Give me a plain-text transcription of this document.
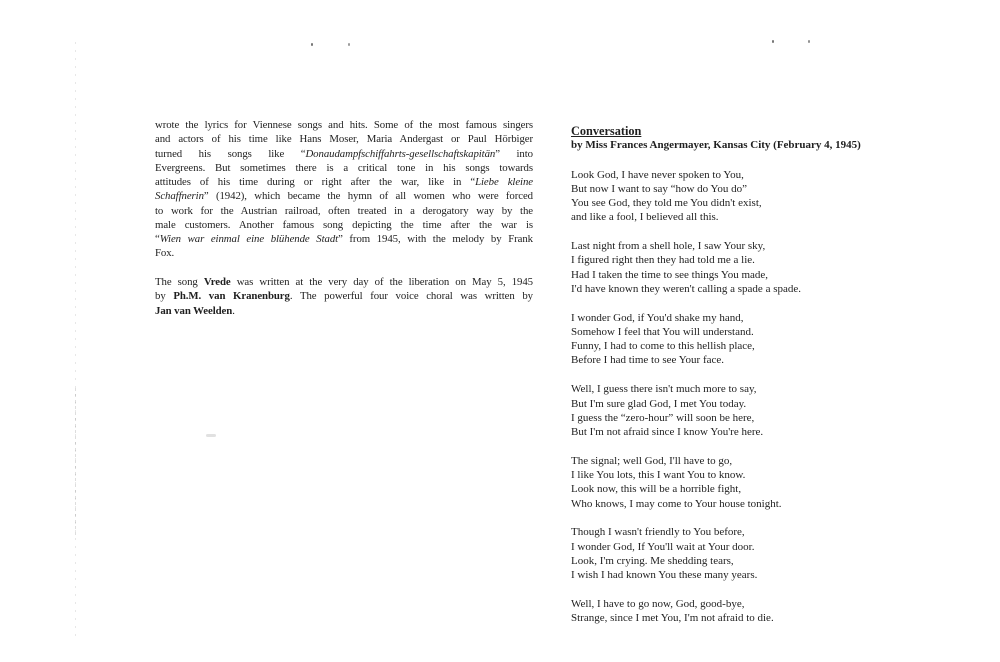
wrote the lyrics for Viennese songs and hits. Some of the most famous singers
and actors of his time like Hans Moser, Maria Andergast or Paul Hörbiger
turned his songs like “Donaudampfschiffahrts-gesellschaftskapitän” into
Evergreens. But sometimes there is a critical tone in his songs towards
attitudes of his time during or right after the war, like in “Liebe kleine
Schaffnerin” (1942), which became the hymn of all women who were forced
to work for the Austrian railroad, often treated in a derogatory way by the
male customers. Another famous song depicting the time after the war is
“Wien war einmal eine blühende Stadt” from 1945, with the melody by Frank
Fox.
The song Vrede was written at the very day of the liberation on May 5, 1945
by Ph.M. van Kranenburg. The powerful four voice choral was written by
Jan van Weelden.
Conversation
by Miss Frances Angermayer, Kansas City (February 4, 1945)
Look God, I have never spoken to You,
But now I want to say “how do You do”
You see God, they told me You didn't exist,
and like a fool, I believed all this.
Last night from a shell hole, I saw Your sky,
I figured right then they had told me a lie.
Had I taken the time to see things You made,
I'd have known they weren't calling a spade a spade.
I wonder God, if You'd shake my hand,
Somehow I feel that You will understand.
Funny, I had to come to this hellish place,
Before I had time to see Your face.
Well, I guess there isn't much more to say,
But I'm sure glad God, I met You today.
I guess the “zero-hour” will soon be here,
But I'm not afraid since I know You're here.
The signal; well God, I'll have to go,
I like You lots, this I want You to know.
Look now, this will be a horrible fight,
Who knows, I may come to Your house tonight.
Though I wasn't friendly to You before,
I wonder God, If You'll wait at Your door.
Look, I'm crying. Me shedding tears,
I wish I had known You these many years.
Well, I have to go now, God, good-bye,
Strange, since I met You, I'm not afraid to die.
